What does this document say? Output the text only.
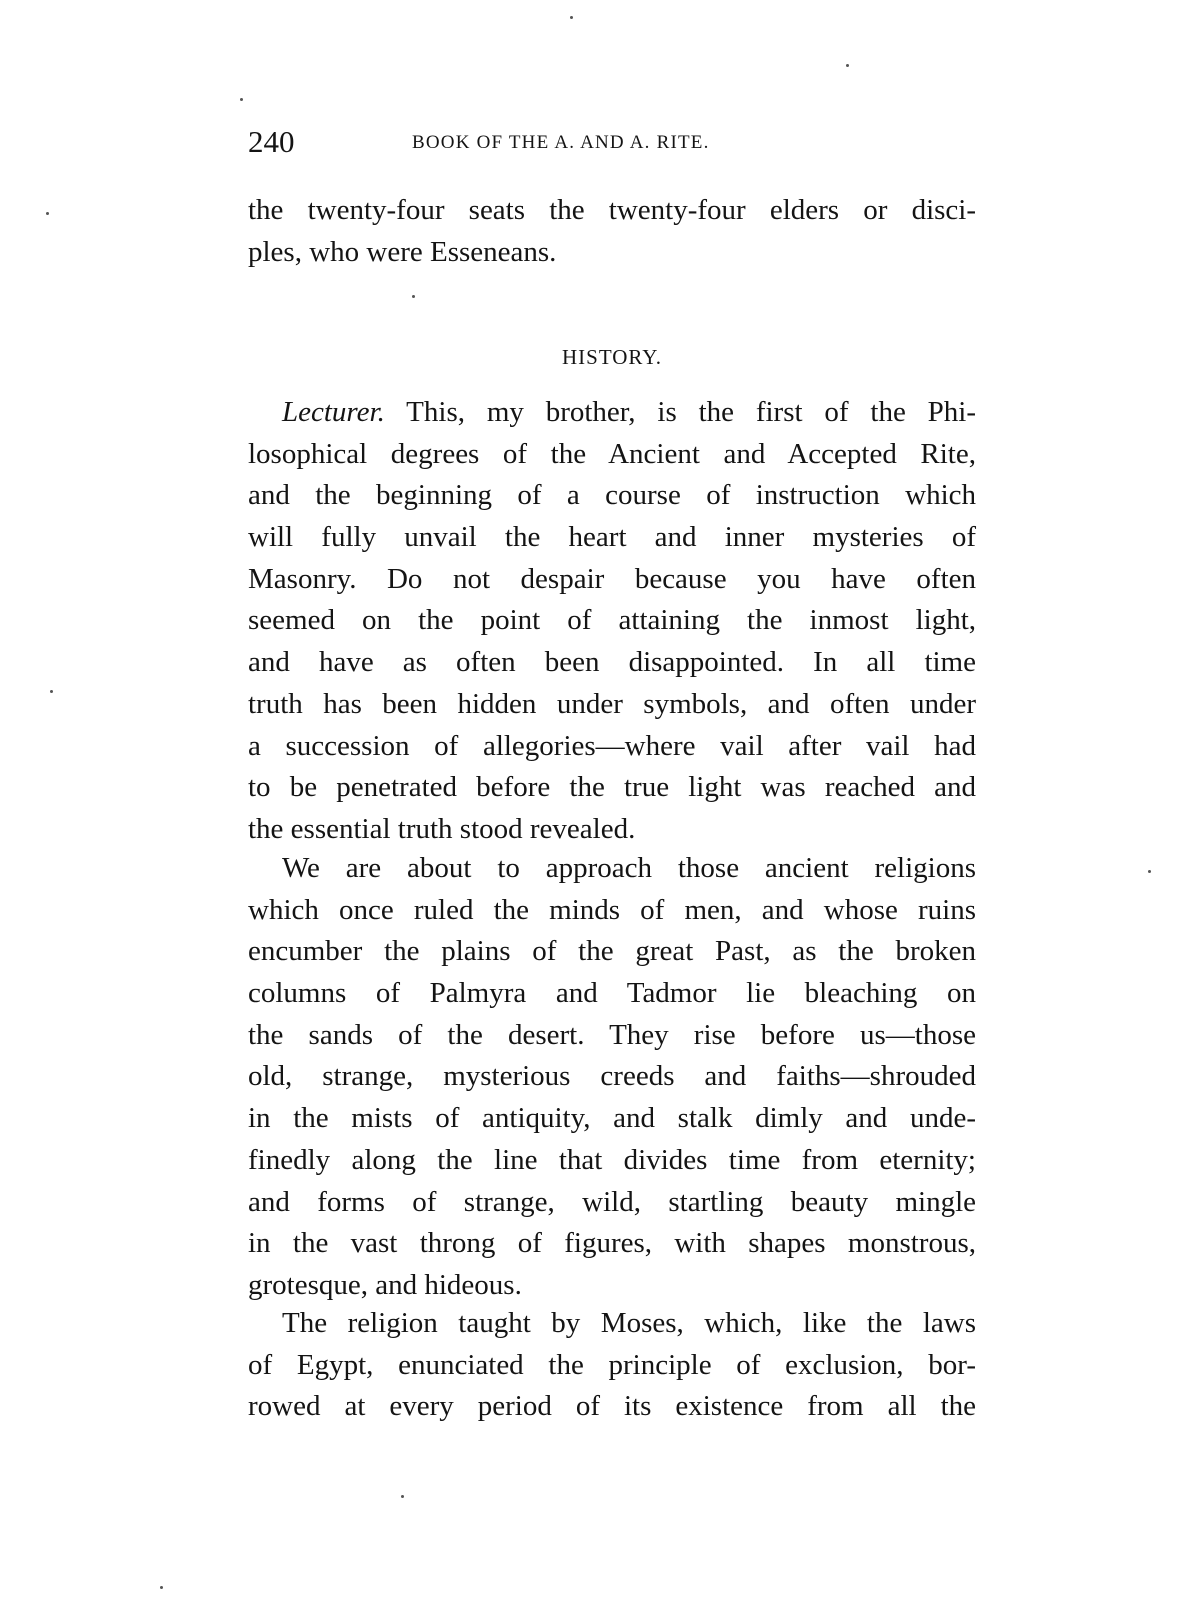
240	BOOK OF THE A. AND A. RITE.
the twenty-four seats the twenty-four elders or disci-
ples, who were Esseneans.
HISTORY.
Lecturer. This, my brother, is the first of the Phi-
losophical degrees of the Ancient and Accepted Rite,
and the beginning of a course of instruction which
will fully unvail the heart and inner mysteries of
Masonry. Do not despair because you have often
seemed on the point of attaining the inmost light,
and have as often been disappointed. In all time
truth has been hidden under symbols, and often under
a succession of allegories—where vail after vail had
to be penetrated before the true light was reached and
the essential truth stood revealed.
We are about to approach those ancient religions
which once ruled the minds of men, and whose ruins
encumber the plains of the great Past, as the broken
columns of Palmyra and Tadmor lie bleaching on
the sands of the desert. They rise before us—those
old, strange, mysterious creeds and faiths—shrouded
in the mists of antiquity, and stalk dimly and unde-
finedly along the line that divides time from eternity;
and forms of strange, wild, startling beauty mingle
in the vast throng of figures, with shapes monstrous,
grotesque, and hideous.
The religion taught by Moses, which, like the laws
of Egypt, enunciated the principle of exclusion, bor-
rowed at every period of its existence from all the
